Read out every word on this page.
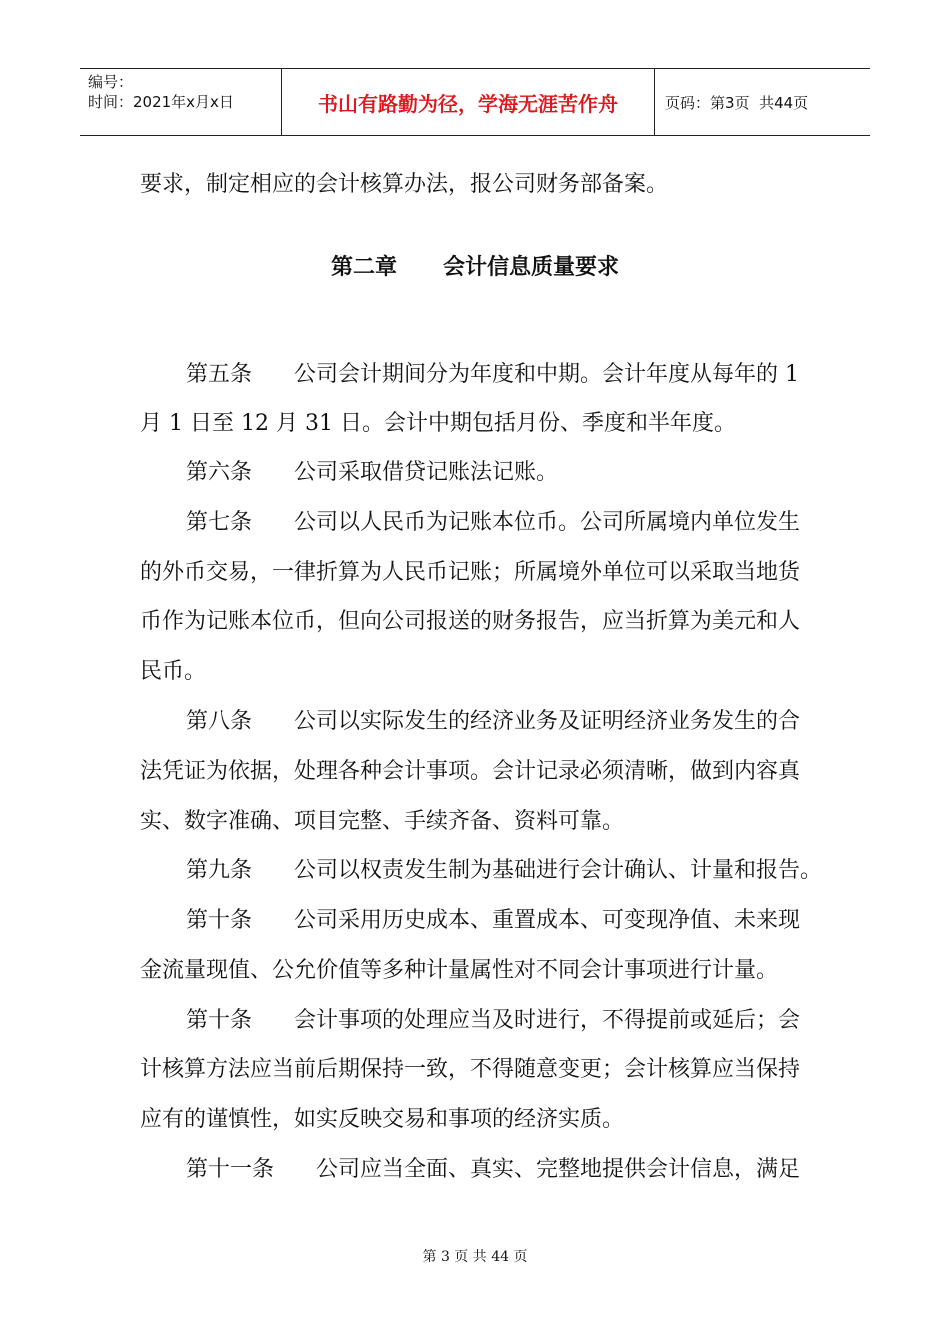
编号：
时间：2021年x月x日	书山有路勤为径，学海无涯苦作舟	页码：第3页  共44页
要求，制定相应的会计核算办法，报公司财务部备案。
第二章      会计信息质量要求
第五条      公司会计期间分为年度和中期。会计年度从每年的 1
月 1 日至 12 月 31 日。会计中期包括月份、季度和半年度。
第六条      公司采取借贷记账法记账。
第七条      公司以人民币为记账本位币。公司所属境内单位发生
的外币交易，一律折算为人民币记账；所属境外单位可以采取当地货
币作为记账本位币，但向公司报送的财务报告，应当折算为美元和人
民币。
第八条      公司以实际发生的经济业务及证明经济业务发生的合
法凭证为依据，处理各种会计事项。会计记录必须清晰，做到内容真
实、数字准确、项目完整、手续齐备、资料可靠。
第九条      公司以权责发生制为基础进行会计确认、计量和报告。
第十条      公司采用历史成本、重置成本、可变现净值、未来现
金流量现值、公允价值等多种计量属性对不同会计事项进行计量。
第十条      会计事项的处理应当及时进行，不得提前或延后；会
计核算方法应当前后期保持一致，不得随意变更；会计核算应当保持
应有的谨慎性，如实反映交易和事项的经济实质。
第十一条      公司应当全面、真实、完整地提供会计信息，满足
第 3 页 共 44 页
